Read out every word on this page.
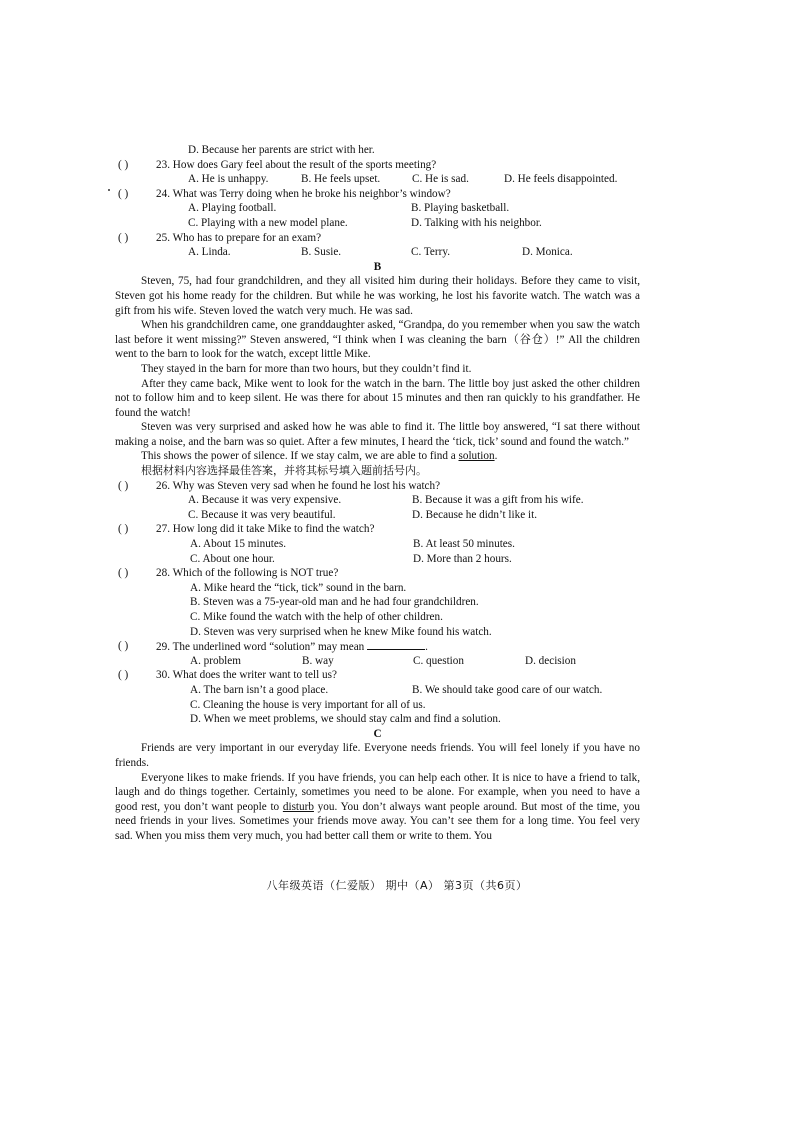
D. Because her parents are strict with her.
( ) 23. How does Gary feel about the result of the sports meeting?
A. He is unhappy.	B. He feels upset.	C. He is sad.	D. He feels disappointed.
( ) 24. What was Terry doing when he broke his neighbor’s window?
A. Playing football.	B. Playing basketball.
C. Playing with a new model plane.	D. Talking with his neighbor.
( ) 25. Who has to prepare for an exam?
A. Linda.	B. Susie.	C. Terry.	D. Monica.
B

Steven, 75, had four grandchildren, and they all visited him during their holidays. Before they came to visit, Steven got his home ready for the children. But while he was working, he lost his favorite watch. The watch was a gift from his wife. Steven loved the watch very much. He was sad.

When his grandchildren came, one granddaughter asked, “Grandpa, do you remember when you saw the watch last before it went missing?” Steven answered, “I think when I was cleaning the barn（谷仓）!” All the children went to the barn to look for the watch, except little Mike.

They stayed in the barn for more than two hours, but they couldn’t find it.

After they came back, Mike went to look for the watch in the barn. The little boy just asked the other children not to follow him and to keep silent. He was there for about 15 minutes and then ran quickly to his grandfather. He found the watch!

Steven was very surprised and asked how he was able to find it. The little boy answered, “I sat there without making a noise, and the barn was so quiet. After a few minutes, I heard the ‘tick, tick’ sound and found the watch.”

This shows the power of silence. If we stay calm, we are able to find a solution.

根据材料内容选择最佳答案，并将其标号填入题前括号内。

( ) 26. Why was Steven very sad when he found he lost his watch?
A. Because it was very expensive.	B. Because it was a gift from his wife.
C. Because it was very beautiful.	D. Because he didn’t like it.
( ) 27. How long did it take Mike to find the watch?
A. About 15 minutes.	B. At least 50 minutes.
C. About one hour.	D. More than 2 hours.
( ) 28. Which of the following is NOT true?
A. Mike heard the “tick, tick” sound in the barn.
B. Steven was a 75-year-old man and he had four grandchildren.
C. Mike found the watch with the help of other children.
D. Steven was very surprised when he knew Mike found his watch.
( ) 29. The underlined word “solution” may mean	.
A. problem	B. way	C. question	D. decision
( ) 30. What does the writer want to tell us?
A. The barn isn’t a good place.	B. We should take good care of our watch.
C. Cleaning the house is very important for all of us.
D. When we meet problems, we should stay calm and find a solution.
C

Friends are very important in our everyday life. Everyone needs friends. You will feel lonely if you have no friends.

Everyone likes to make friends. If you have friends, you can help each other. It is nice to have a friend to talk, laugh and do things together. Certainly, sometimes you need to be alone. For example, when you need to have a good rest, you don’t want people to disturb you. You don’t always want people around. But most of the time, you need friends in your lives. Sometimes your friends move away. You can’t see them for a long time. You feel very sad. When you miss them very much, you had better call them or write to them. You

八年级英语（仁爱版） 期中（A） 第3页（共6页）
